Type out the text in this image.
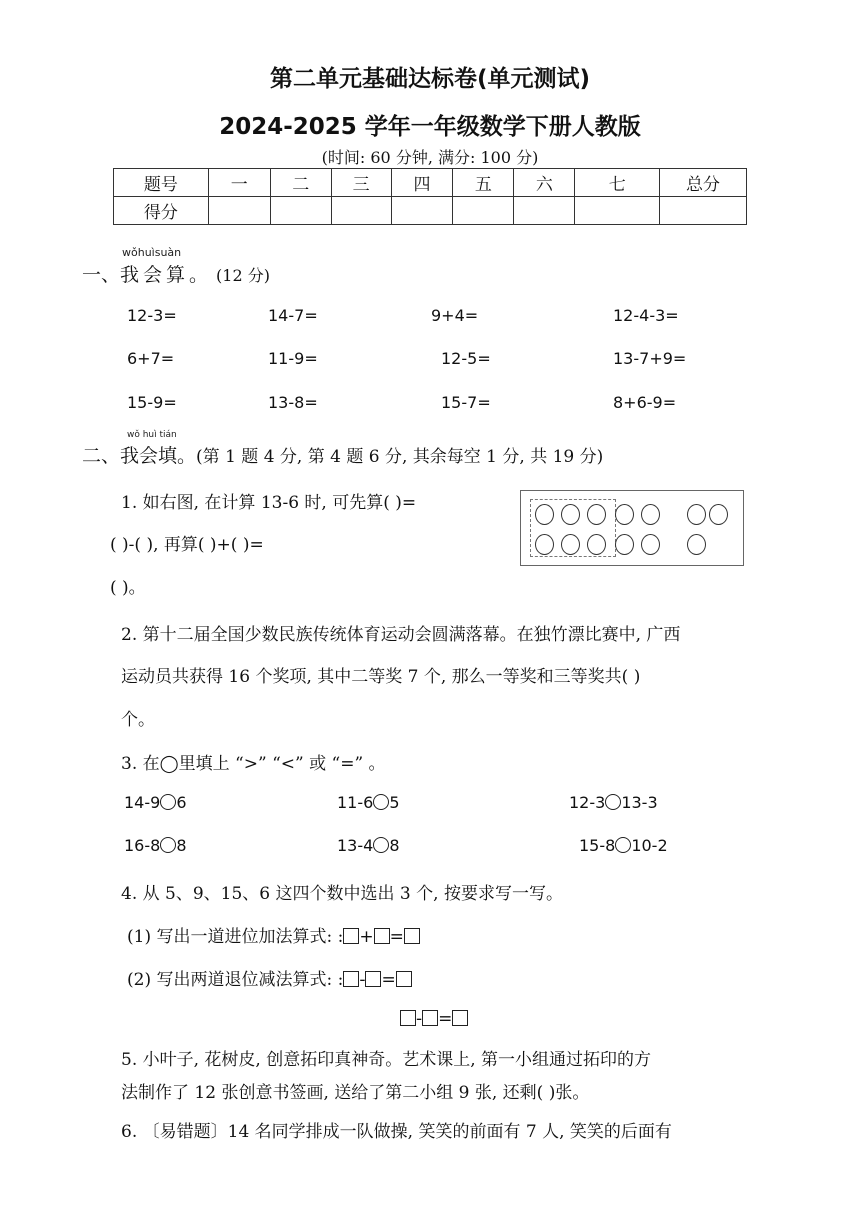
第二单元基础达标卷(单元测试)
2024-2025 学年一年级数学下册人教版
(时间: 60 分钟, 满分: 100 分)
题号	一	二	三	四	五	六	七	总分
得分								
wǒhuìsuàn
一、我会算。 (12 分)
12-3=	14-7=	9+4=	12-4-3=
6+7=	11-9=	12-5=	13-7+9=
15-9=	13-8=	15-7=	8+6-9=
wǒ huì tián
二、我会填。(第 1 题 4 分, 第 4 题 6 分, 其余每空 1 分, 共 19 分)
1. 如右图, 在计算 13-6 时, 可先算( )=
( )-( ), 再算( )+( )=
( )。
2. 第十二届全国少数民族传统体育运动会圆满落幕。在独竹漂比赛中, 广西
运动员共获得 16 个奖项, 其中二等奖 7 个, 那么一等奖和三等奖共( )
个。
3. 在◯里填上 “>” “<” 或 “=” 。
14-9 6	11-6 5	12-3 13-3
16-8 8	13-4 8	15-8 10-2
4. 从 5、9、15、6 这四个数中选出 3 个, 按要求写一写。
(1) 写出一道进位加法算式: : + =
(2) 写出两道退位减法算式: : - =
- =
5. 小叶子, 花树皮, 创意拓印真神奇。艺术课上, 第一小组通过拓印的方
法制作了 12 张创意书签画, 送给了第二小组 9 张, 还剩( )张。
6. 〔易错题〕14 名同学排成一队做操, 笑笑的前面有 7 人, 笑笑的后面有
